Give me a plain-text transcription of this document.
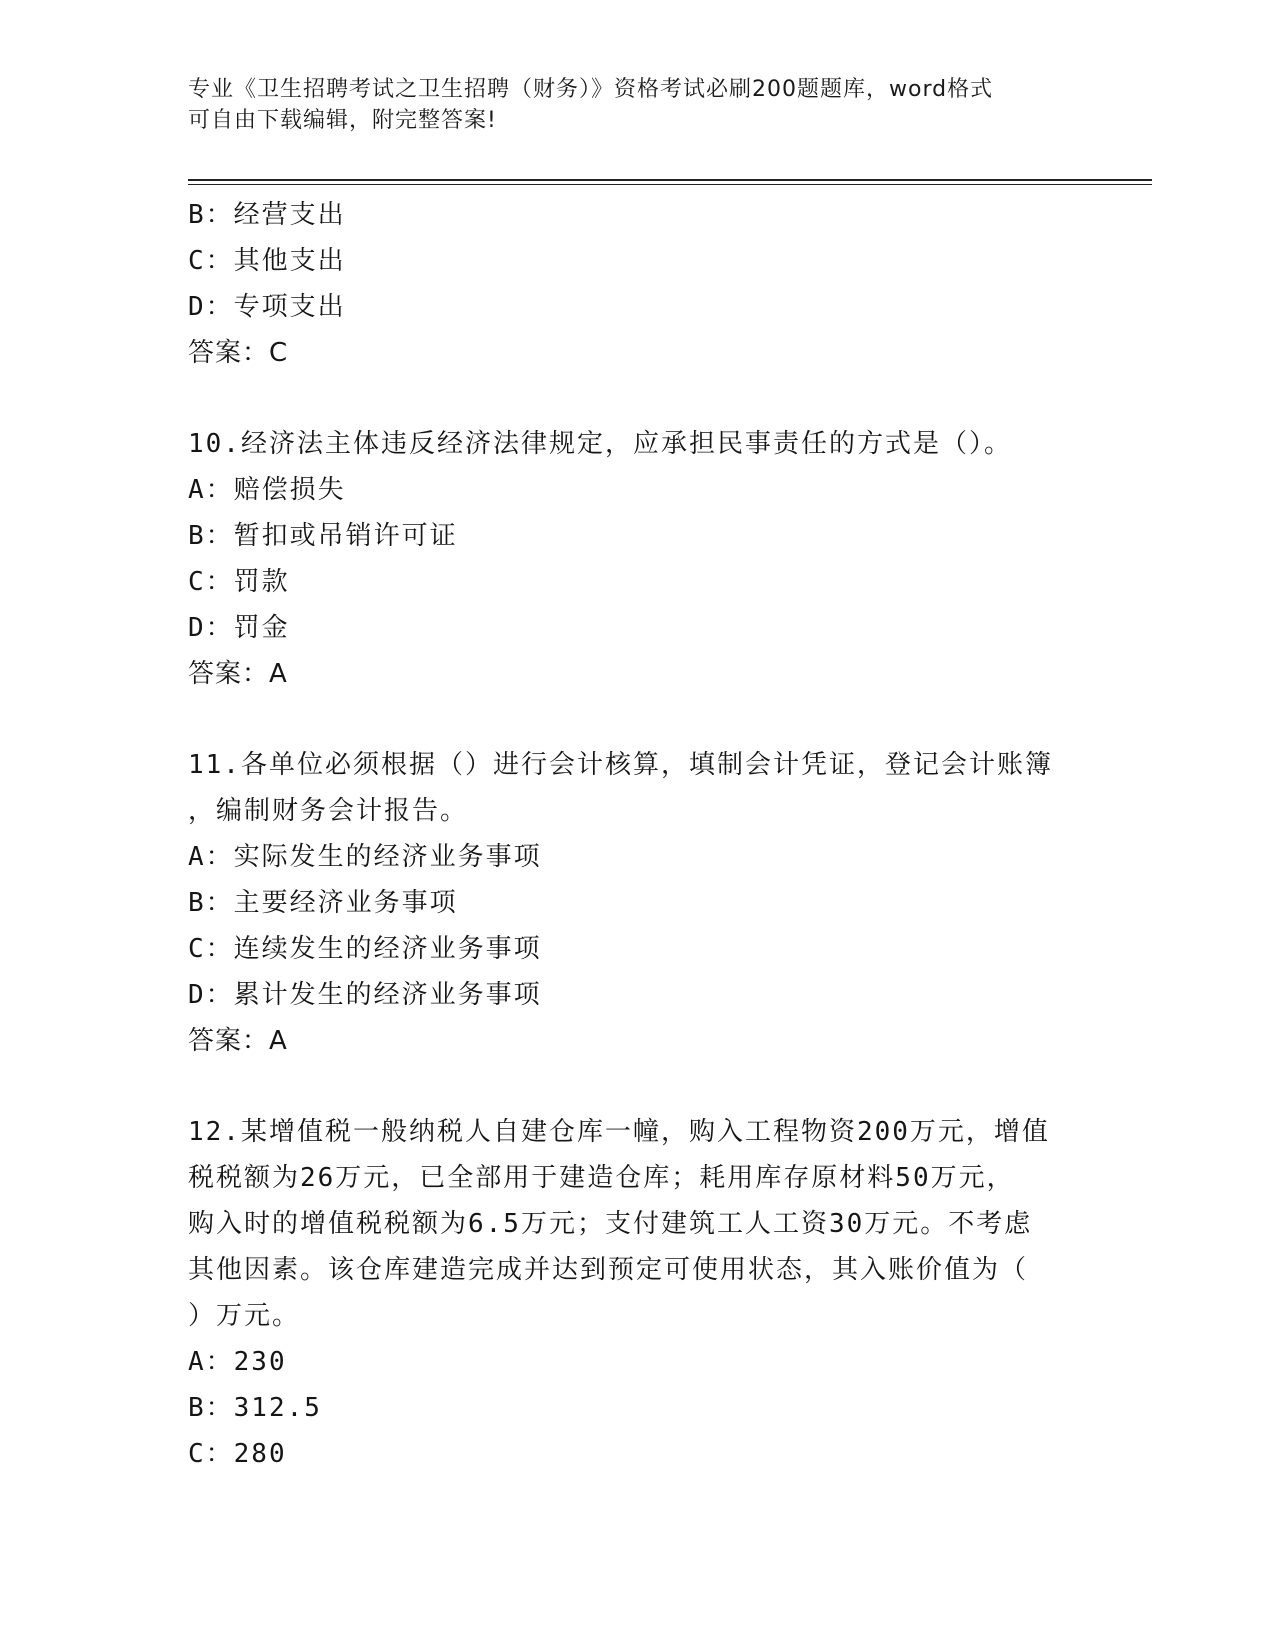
专业《卫生招聘考试之卫生招聘（财务）》资格考试必刷200题题库，word格式
可自由下载编辑，附完整答案!
B：经营支出
C：其他支出
D：专项支出
答案：C
10.经济法主体违反经济法律规定，应承担民事责任的方式是（）。
A：赔偿损失
B：暂扣或吊销许可证
C：罚款
D：罚金
答案：A
11.各单位必须根据（）进行会计核算，填制会计凭证，登记会计账簿
，编制财务会计报告。
A：实际发生的经济业务事项
B：主要经济业务事项
C：连续发生的经济业务事项
D：累计发生的经济业务事项
答案：A
12.某增值税一般纳税人自建仓库一幢，购入工程物资200万元，增值
税税额为26万元，已全部用于建造仓库；耗用库存原材料50万元，
购入时的增值税税额为6.5万元；支付建筑工人工资30万元。不考虑
其他因素。该仓库建造完成并达到预定可使用状态，其入账价值为（
）万元。
A：230
B：312.5
C：280
